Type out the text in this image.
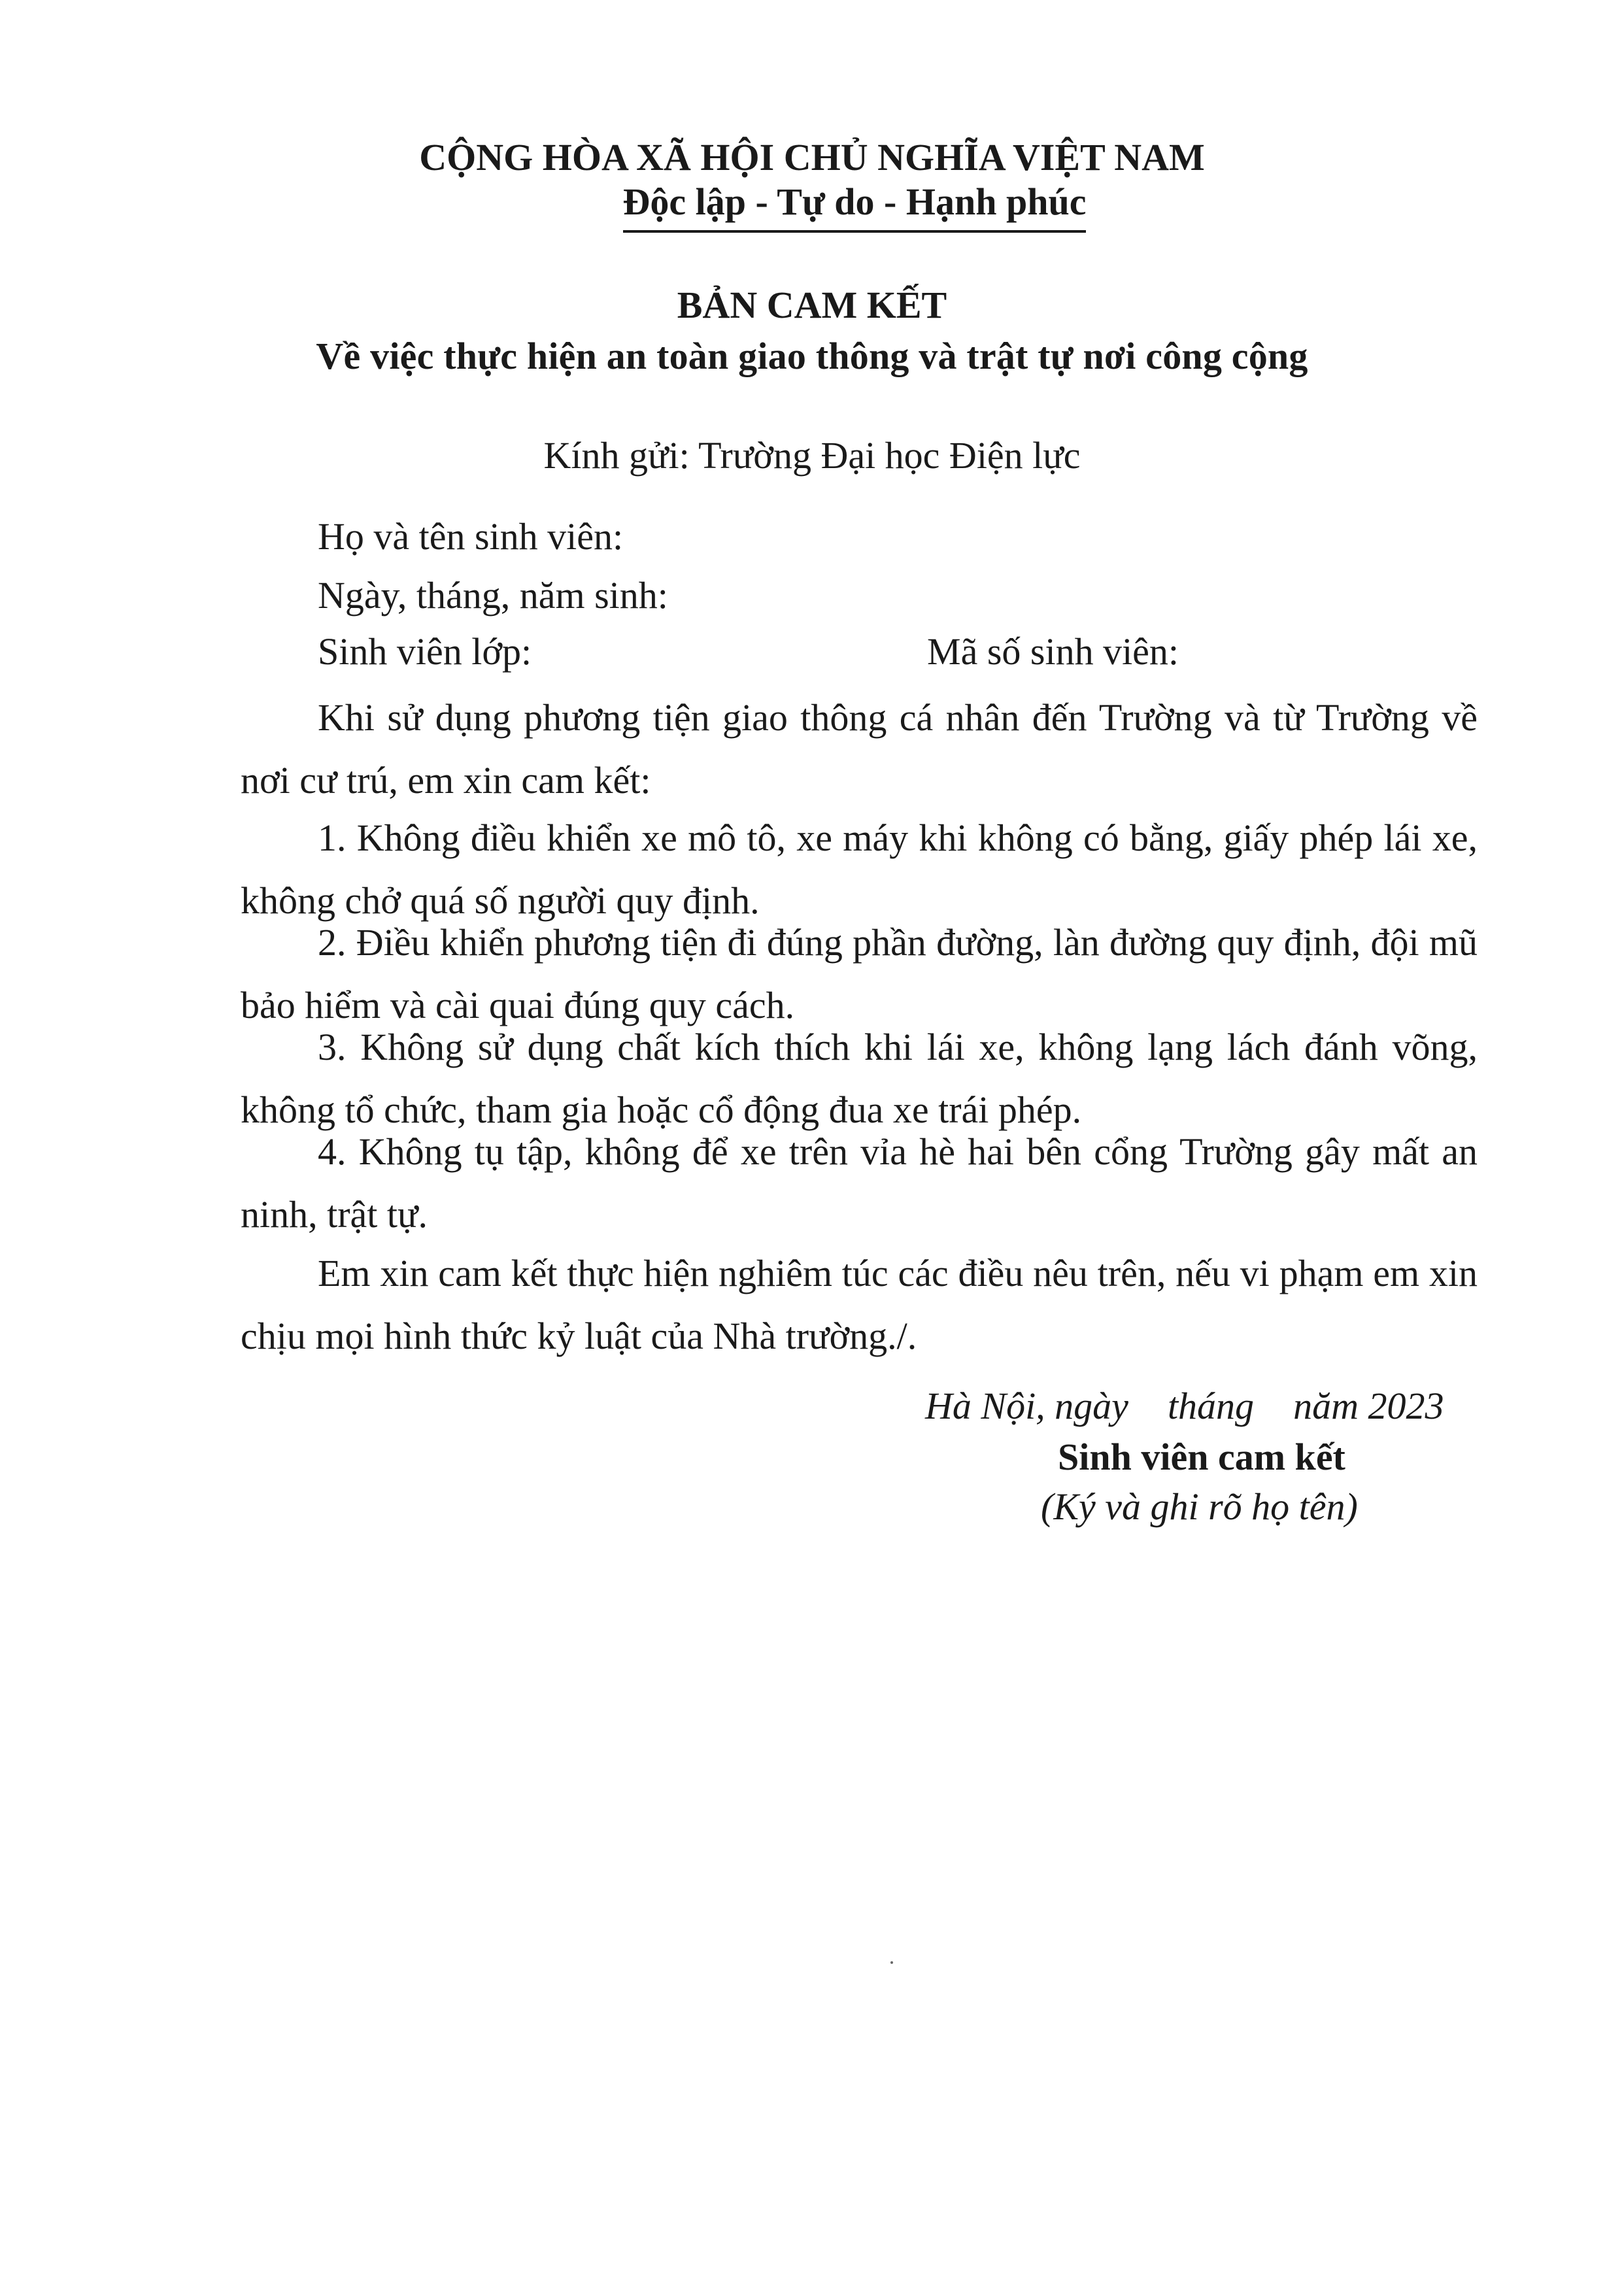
CỘNG HÒA XÃ HỘI CHỦ NGHĨA VIỆT NAM
Độc lập - Tự do - Hạnh phúc
BẢN CAM KẾT
Về việc thực hiện an toàn giao thông và trật tự nơi công cộng
Kính gửi: Trường Đại học Điện lực
Họ và tên sinh viên:
Ngày, tháng, năm sinh:
Sinh viên lớp:	Mã số sinh viên:
Khi sử dụng phương tiện giao thông cá nhân đến Trường và từ Trường về nơi cư trú, em xin cam kết:
1. Không điều khiển xe mô tô, xe máy khi không có bằng, giấy phép lái xe, không chở quá số người quy định.
2. Điều khiển phương tiện đi đúng phần đường, làn đường quy định, đội mũ bảo hiểm và cài quai đúng quy cách.
3. Không sử dụng chất kích thích khi lái xe, không lạng lách đánh võng, không tổ chức, tham gia hoặc cổ động đua xe trái phép.
4. Không tụ tập, không để xe trên vỉa hè hai bên cổng Trường gây mất an ninh, trật tự.
Em xin cam kết thực hiện nghiêm túc các điều nêu trên, nếu vi phạm em xin chịu mọi hình thức kỷ luật của Nhà trường./.
Hà Nội, ngày tháng năm 2023
Sinh viên cam kết
(Ký và ghi rõ họ tên)
